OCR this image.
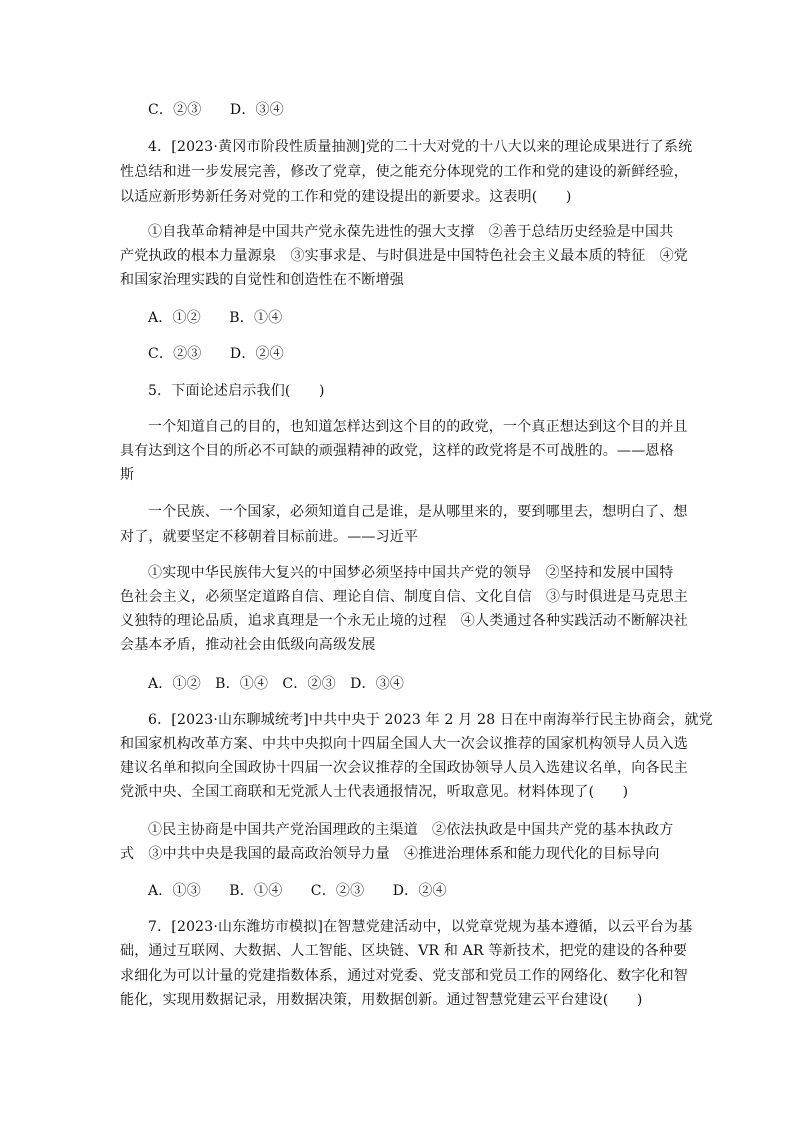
C．②③　　D．③④
4．[2023·黄冈市阶段性质量抽测]党的二十大对党的十八大以来的理论成果进行了系统
性总结和进一步发展完善，修改了党章，使之能充分体现党的工作和党的建设的新鲜经验，
以适应新形势新任务对党的工作和党的建设提出的新要求。这表明(　　)
①自我革命精神是中国共产党永葆先进性的强大支撑　②善于总结历史经验是中国共
产党执政的根本力量源泉　③实事求是、与时俱进是中国特色社会主义最本质的特征　④党
和国家治理实践的自觉性和创造性在不断增强
A．①②　　B．①④
C．②③　　D．②④
5．下面论述启示我们(　　)
一个知道自己的目的，也知道怎样达到这个目的的政党，一个真正想达到这个目的并且
具有达到这个目的所必不可缺的顽强精神的政党，这样的政党将是不可战胜的。——恩格
斯
一个民族、一个国家，必须知道自己是谁，是从哪里来的，要到哪里去，想明白了、想
对了，就要坚定不移朝着目标前进。——习近平
①实现中华民族伟大复兴的中国梦必须坚持中国共产党的领导　②坚持和发展中国特
色社会主义，必须坚定道路自信、理论自信、制度自信、文化自信　③与时俱进是马克思主
义独特的理论品质，追求真理是一个永无止境的过程　④人类通过各种实践活动不断解决社
会基本矛盾，推动社会由低级向高级发展
A．①②　B．①④　C．②③　D．③④
6．[2023·山东聊城统考]中共中央于 2023 年 2 月 28 日在中南海举行民主协商会，就党
和国家机构改革方案、中共中央拟向十四届全国人大一次会议推荐的国家机构领导人员入选
建议名单和拟向全国政协十四届一次会议推荐的全国政协领导人员入选建议名单，向各民主
党派中央、全国工商联和无党派人士代表通报情况，听取意见。材料体现了(　　)
①民主协商是中国共产党治国理政的主渠道　②依法执政是中国共产党的基本执政方
式　③中共中央是我国的最高政治领导力量　④推进治理体系和能力现代化的目标导向
A．①③　　B．①④　　C．②③　　D．②④
7．[2023·山东潍坊市模拟]在智慧党建活动中，以党章党规为基本遵循，以云平台为基
础，通过互联网、大数据、人工智能、区块链、VR 和 AR 等新技术，把党的建设的各种要
求细化为可以计量的党建指数体系，通过对党委、党支部和党员工作的网络化、数字化和智
能化，实现用数据记录，用数据决策，用数据创新。通过智慧党建云平台建设(　　)
